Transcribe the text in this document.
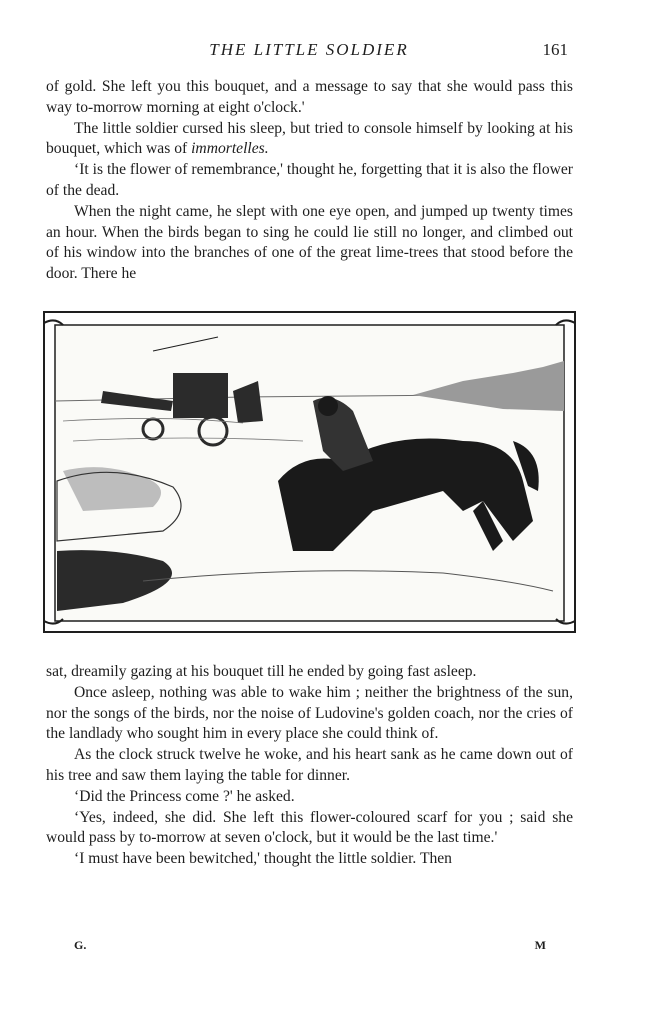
THE LITTLE SOLDIER	161

of gold. She left you this bouquet, and a message to say that she would pass this way to-morrow morning at eight o'clock.'

The little soldier cursed his sleep, but tried to console himself by looking at his bouquet, which was of immortelles.

‘It is the flower of remembrance,' thought he, forgetting that it is also the flower of the dead.

When the night came, he slept with one eye open, and jumped up twenty times an hour. When the birds began to sing he could lie still no longer, and climbed out of his window into the branches of one of the great lime-trees that stood before the door. There he

sat, dreamily gazing at his bouquet till he ended by going fast asleep.

Once asleep, nothing was able to wake him ; neither the brightness of the sun, nor the songs of the birds, nor the noise of Ludovine's golden coach, nor the cries of the landlady who sought him in every place she could think of.

As the clock struck twelve he woke, and his heart sank as he came down out of his tree and saw them laying the table for dinner.

‘Did the Princess come ?' he asked.

‘Yes, indeed, she did. She left this flower-coloured scarf for you ; said she would pass by to-morrow at seven o'clock, but it would be the last time.'

‘I must have been bewitched,' thought the little soldier. Then

G.	M
